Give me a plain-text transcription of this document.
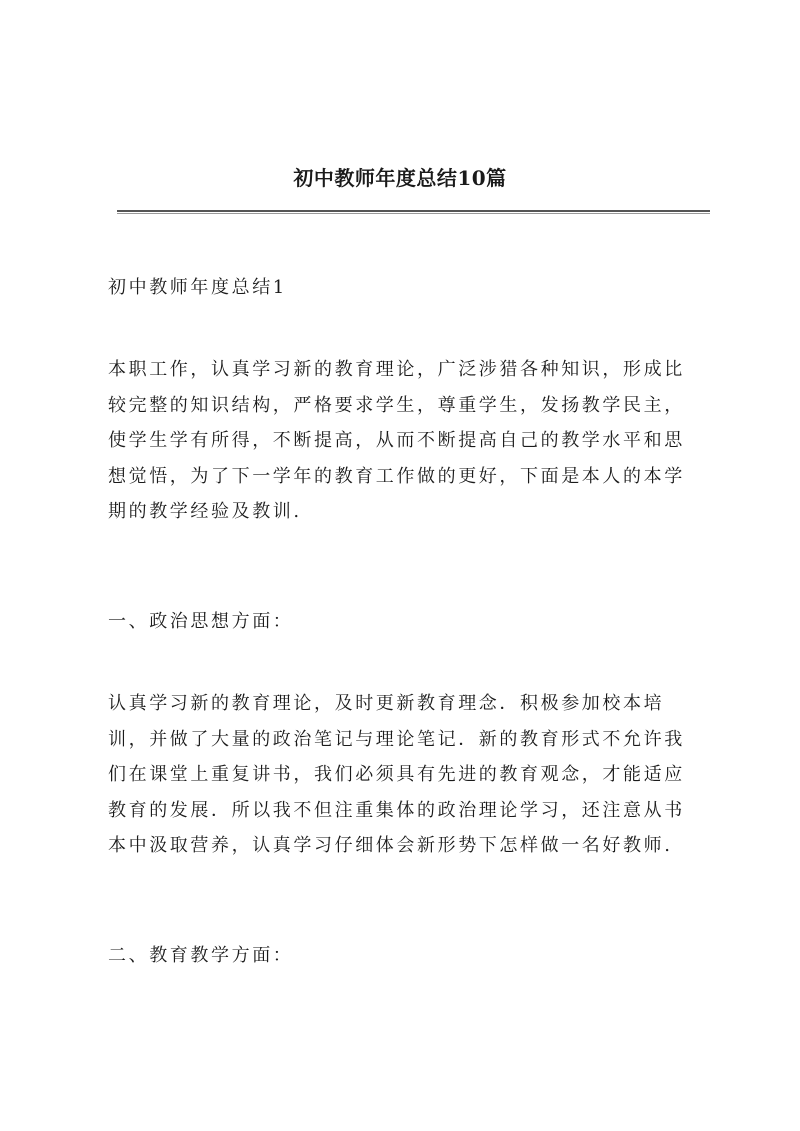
初中教师年度总结10篇
初中教师年度总结1

本职工作，认真学习新的教育理论，广泛涉猎各种知识，形成比

较完整的知识结构，严格要求学生，尊重学生，发扬教学民主，

使学生学有所得，不断提高，从而不断提高自己的教学水平和思

想觉悟，为了下一学年的教育工作做的更好，下面是本人的本学

期的教学经验及教训.

一、政治思想方面：

认真学习新的教育理论，及时更新教育理念．积极参加校本培

训，并做了大量的政治笔记与理论笔记．新的教育形式不允许我

们在课堂上重复讲书，我们必须具有先进的教育观念，才能适应

教育的发展．所以我不但注重集体的政治理论学习，还注意从书

本中汲取营养，认真学习仔细体会新形势下怎样做一名好教师.

二、教育教学方面：
